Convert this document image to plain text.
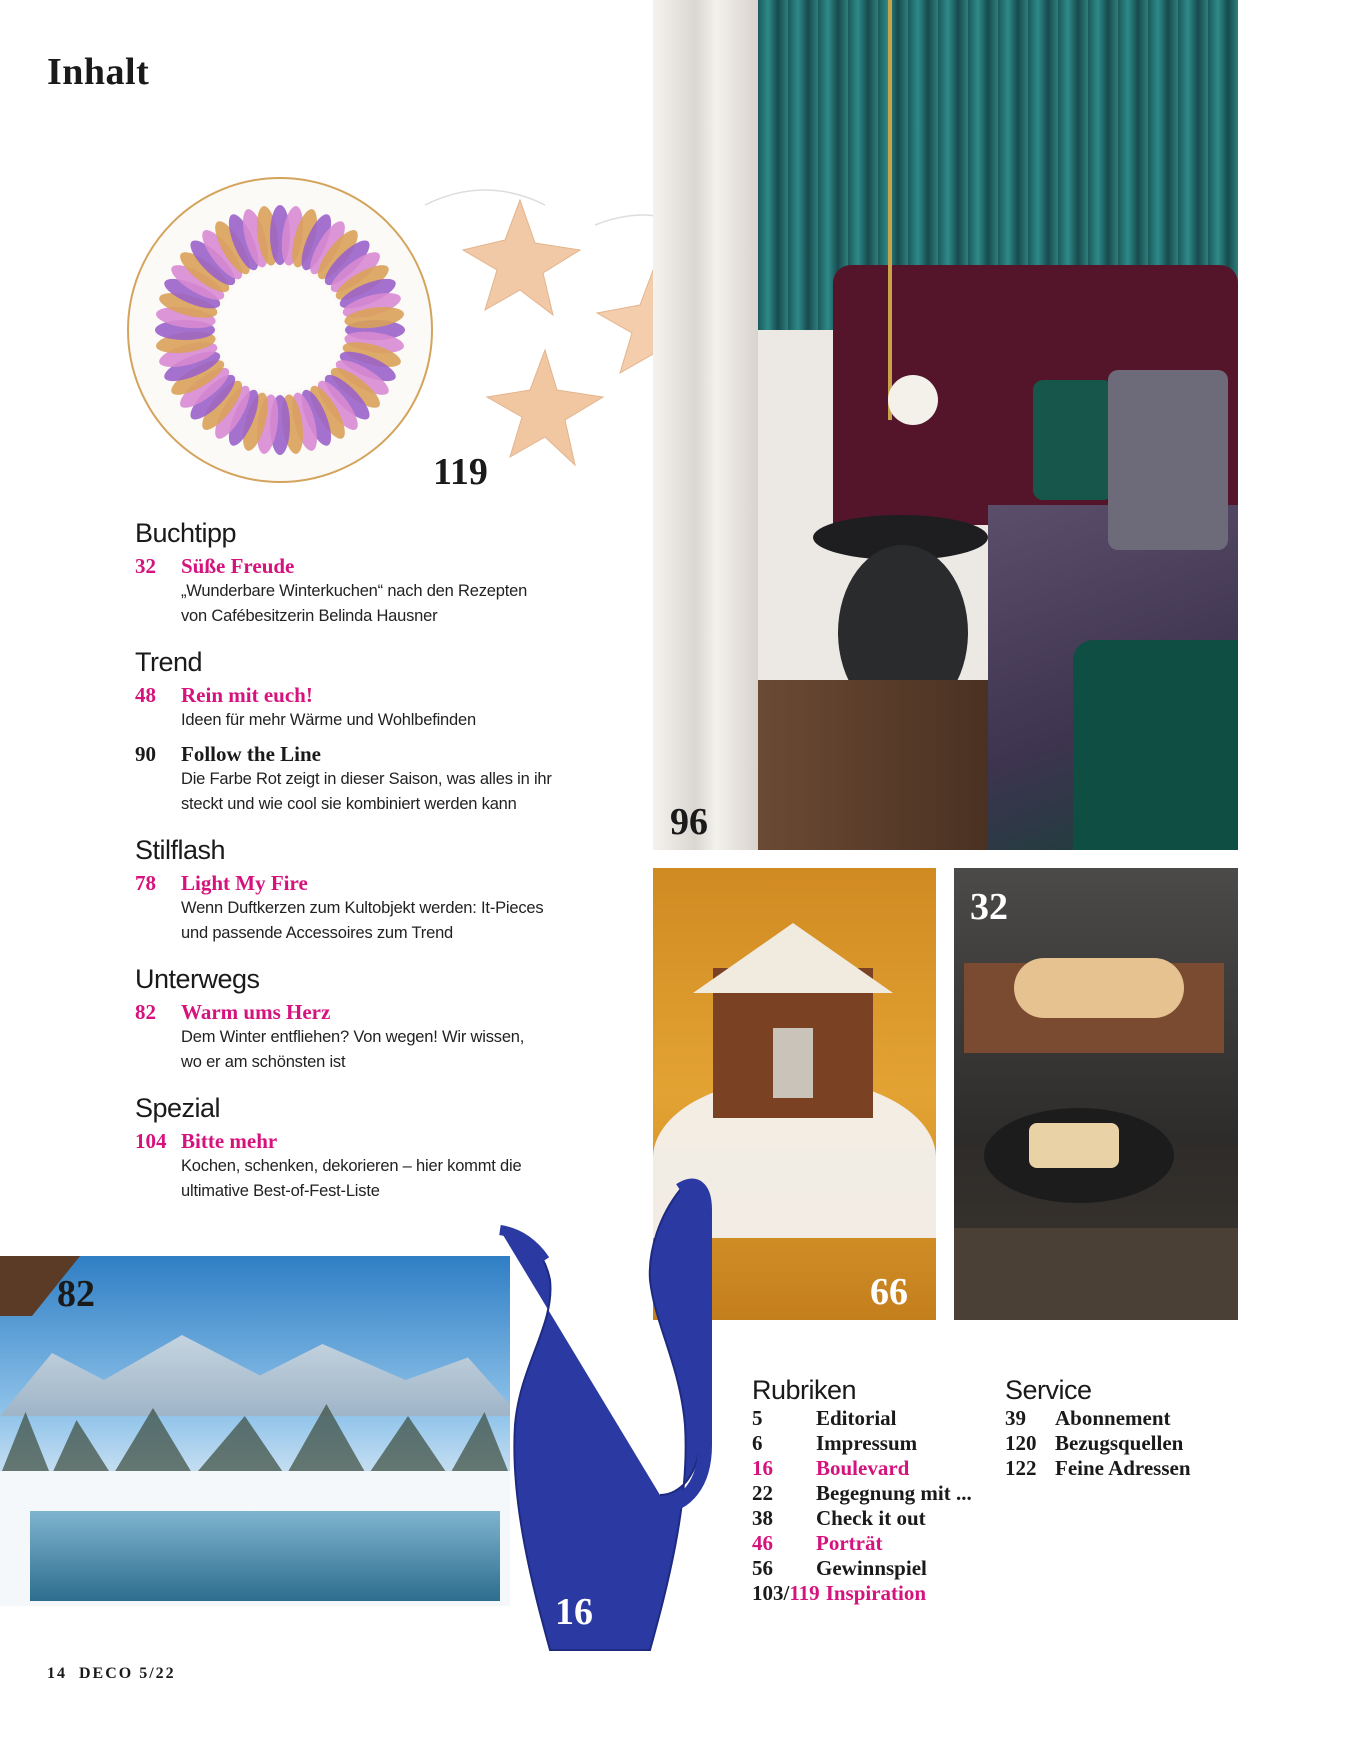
Inhalt
119
96
66
32
82
16
Buchtipp
32	Süße Freude
„Wunderbare Winterkuchen“ nach den Rezepten
von Cafébesitzerin Belinda Hausner
Trend
48	Rein mit euch!
Ideen für mehr Wärme und Wohlbefinden
90	Follow the Line
Die Farbe Rot zeigt in dieser Saison, was alles in ihr
steckt und wie cool sie kombiniert werden kann
Stilflash
78	Light My Fire
Wenn Duftkerzen zum Kultobjekt werden: It-Pieces
und passende Accessoires zum Trend
Unterwegs
82	Warm ums Herz
Dem Winter entfliehen? Von wegen! Wir wissen,
wo er am schönsten ist
Spezial
104 Bitte mehr
Kochen, schenken, dekorieren – hier kommt die
ultimative Best-of-Fest-Liste
Rubriken
5	Editorial
6	Impressum
16	Boulevard
22	Begegnung mit ...
38	Check it out
46	Porträt
56	Gewinnspiel
103/ 119 Inspiration
Service
39	Abonnement
120 Bezugsquellen
122 Feine Adressen
14  DECO 5/22
